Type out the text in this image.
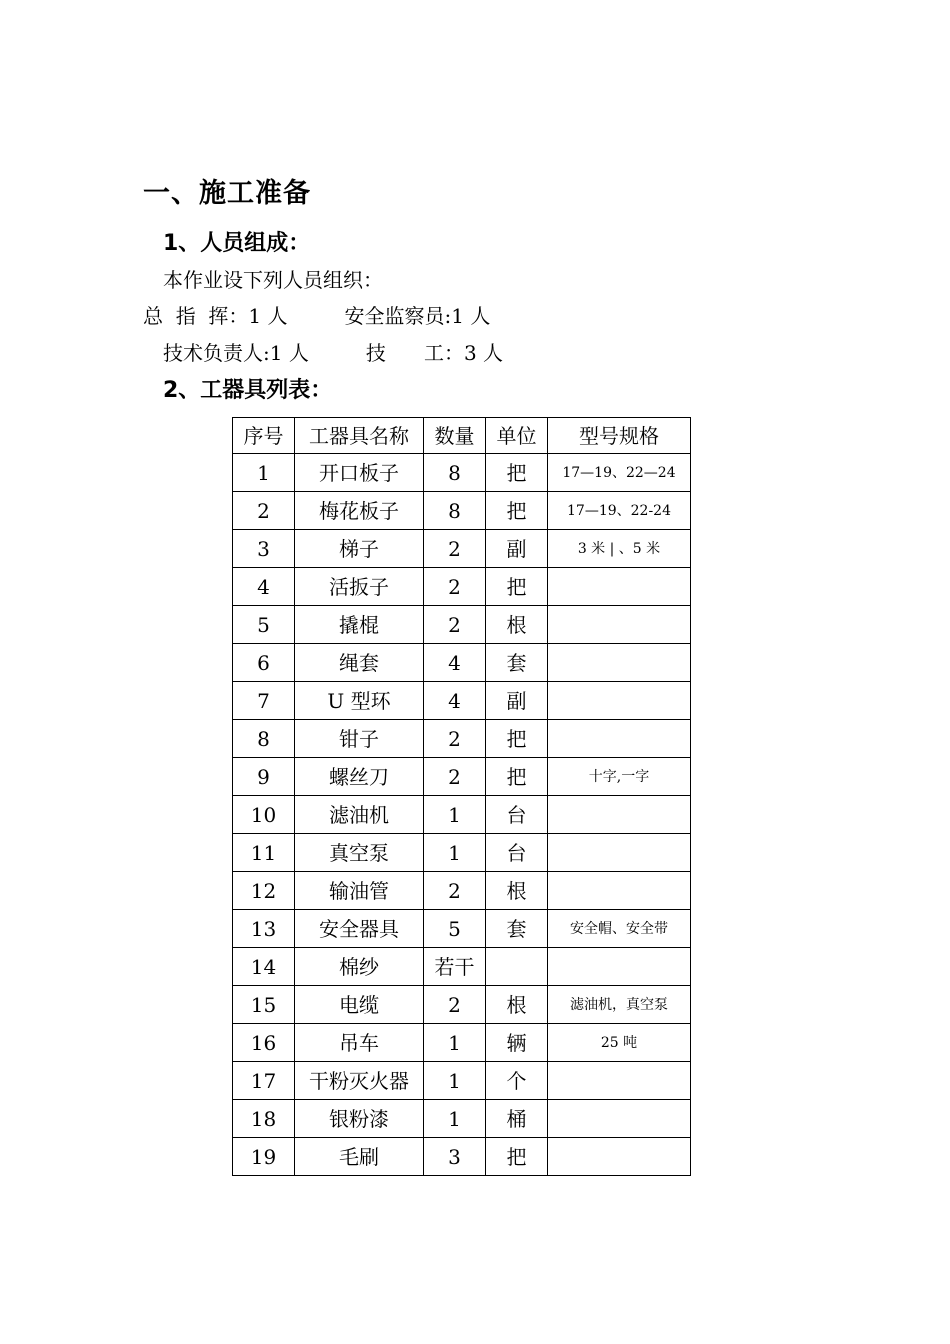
一、施工准备
1、人员组成：
本作业设下列人员组织：
总  指  挥：1 人	安全监察员:1 人
技术负责人:1 人	技      工：3 人
2、工器具列表：
序号	工器具名称	数量	单位	型号规格
1	开口板子	8	把	17—19、22—24
2	梅花板子	8	把	17—19、22-24
3	梯子	2	副	3 米 | 、5 米
4	活扳子	2	把	
5	撬棍	2	根	
6	绳套	4	套	
7	U 型环	4	副	
8	钳子	2	把	
9	螺丝刀	2	把	十字,一字
10	滤油机	1	台	
11	真空泵	1	台	
12	输油管	2	根	
13	安全器具	5	套	安全帽、安全带
14	棉纱	若干		
15	电缆	2	根	滤油机，真空泵
16	吊车	1	辆	25 吨
17	干粉灭火器	1	个	
18	银粉漆	1	桶	
19	毛刷	3	把	
